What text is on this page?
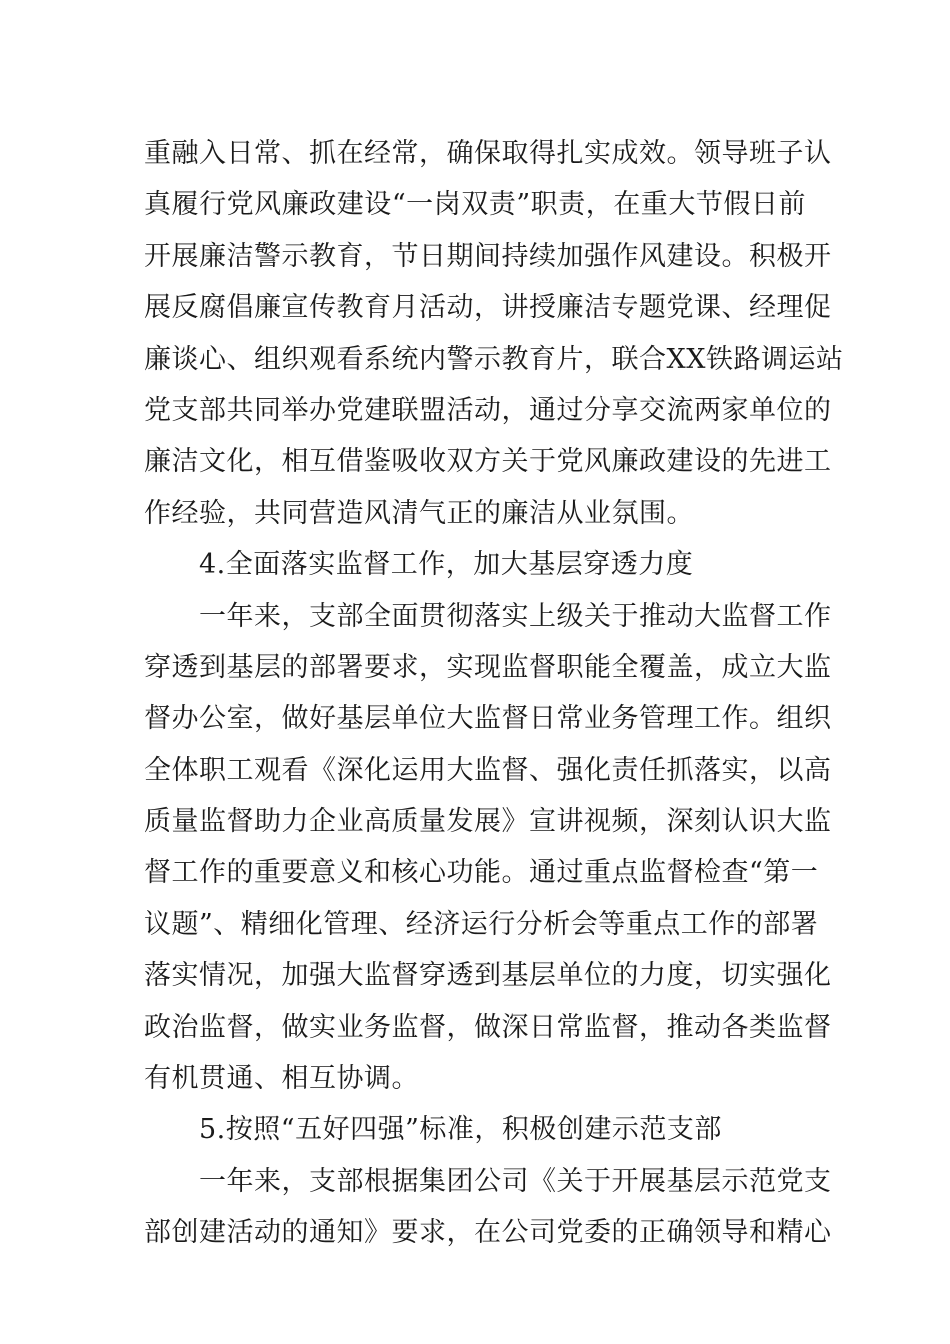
重融入日常、抓在经常，确保取得扎实成效。领导班子认
真履行党风廉政建设“一岗双责”职责，在重大节假日前
开展廉洁警示教育，节日期间持续加强作风建设。积极开
展反腐倡廉宣传教育月活动，讲授廉洁专题党课、经理促
廉谈心、组织观看系统内警示教育片，联合XX铁路调运站
党支部共同举办党建联盟活动，通过分享交流两家单位的
廉洁文化，相互借鉴吸收双方关于党风廉政建设的先进工
作经验，共同营造风清气正的廉洁从业氛围。
4.全面落实监督工作，加大基层穿透力度
一年来，支部全面贯彻落实上级关于推动大监督工作
穿透到基层的部署要求，实现监督职能全覆盖，成立大监
督办公室，做好基层单位大监督日常业务管理工作。组织
全体职工观看《深化运用大监督、强化责任抓落实，以高
质量监督助力企业高质量发展》宣讲视频，深刻认识大监
督工作的重要意义和核心功能。通过重点监督检查“第一
议题”、精细化管理、经济运行分析会等重点工作的部署
落实情况，加强大监督穿透到基层单位的力度，切实强化
政治监督，做实业务监督，做深日常监督，推动各类监督
有机贯通、相互协调。
5.按照“五好四强”标准，积极创建示范支部
一年来，支部根据集团公司《关于开展基层示范党支
部创建活动的通知》要求，在公司党委的正确领导和精心
